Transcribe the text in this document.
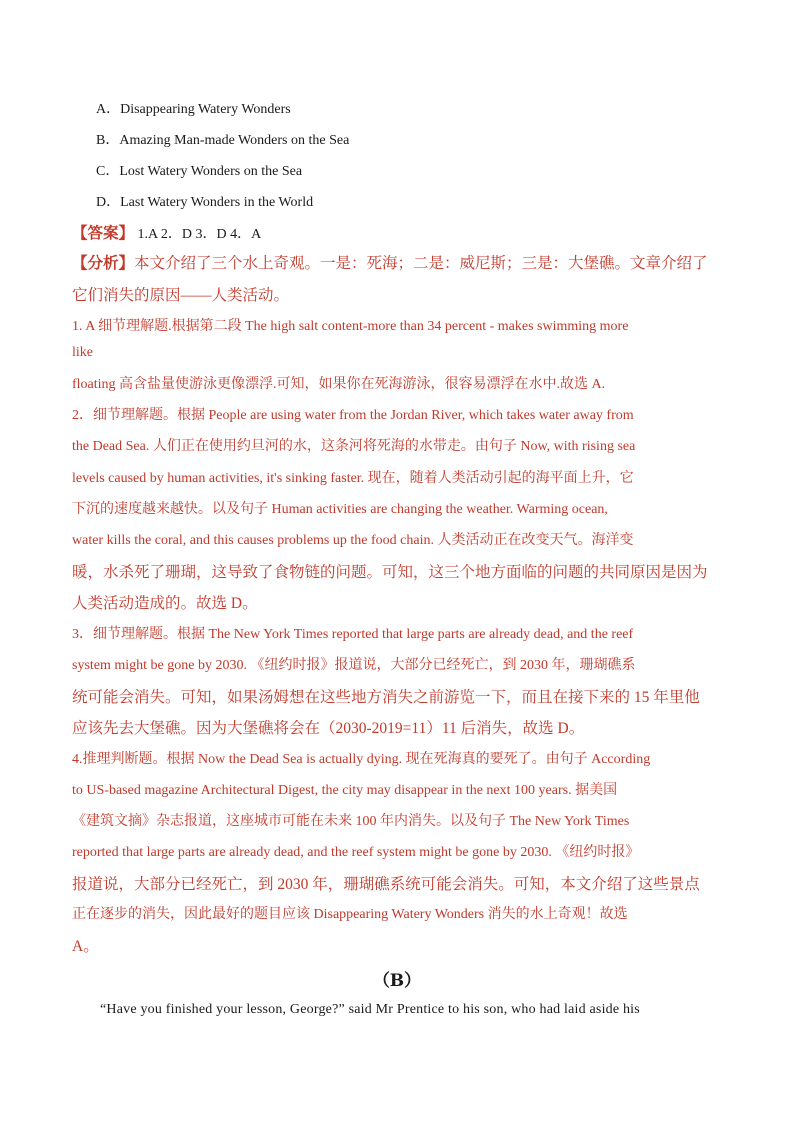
A．Disappearing Watery Wonders
B．Amazing Man-made Wonders on the Sea
C．Lost Watery Wonders on the Sea
D．Last Watery Wonders in the World
【答案】 1.A 2．D 3．D 4．A
【分析】本文介绍了三个水上奇观。一是：死海；二是：威尼斯；三是：大堡礁。文章介绍了
它们消失的原因——人类活动。
1. A 细节理解题.根据第二段 The high salt content-more than 34 percent - makes swimming more
like
floating 高含盐量使游泳更像漂浮.可知，如果你在死海游泳，很容易漂浮在水中.故选 A.
2．细节理解题。根据 People are using water from the Jordan River, which takes water away from
the Dead Sea. 人们正在使用约旦河的水，这条河将死海的水带走。由句子 Now, with rising sea
levels caused by human activities, it's sinking faster. 现在，随着人类活动引起的海平面上升，它
下沉的速度越来越快。以及句子 Human activities are changing the weather. Warming ocean,
water kills the coral, and this causes problems up the food chain. 人类活动正在改变天气。海洋变
暖，水杀死了珊瑚，这导致了食物链的问题。可知，这三个地方面临的问题的共同原因是因为
人类活动造成的。故选 D。
3．细节理解题。根据 The New York Times reported that large parts are already dead, and the reef
system might be gone by 2030. 《纽约时报》报道说，大部分已经死亡，到 2030 年，珊瑚礁系
统可能会消失。可知，如果汤姆想在这些地方消失之前游览一下，而且在接下来的 15 年里他
应该先去大堡礁。因为大堡礁将会在（2030-2019=11）11 后消失，故选 D。
4.推理判断题。根据 Now the Dead Sea is actually dying. 现在死海真的要死了。由句子 According
to US-based magazine Architectural Digest, the city may disappear in the next 100 years. 据美国
《建筑文摘》杂志报道，这座城市可能在未来 100 年内消失。以及句子 The New York Times
reported that large parts are already dead, and the reef system might be gone by 2030. 《纽约时报》
报道说，大部分已经死亡，到 2030 年，珊瑚礁系统可能会消失。可知，本文介绍了这些景点
正在逐步的消失，因此最好的题目应该 Disappearing Watery Wonders 消失的水上奇观！故选
A。
（B）
“Have you finished your lesson, George?” said Mr Prentice to his son, who had laid aside his
